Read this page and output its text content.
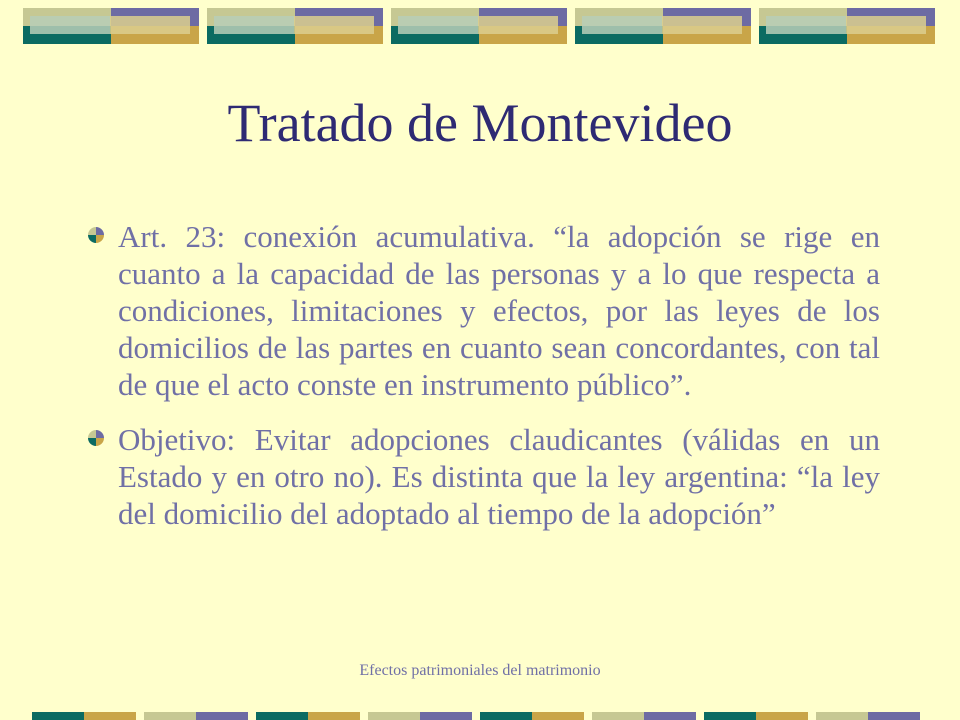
Tratado de Montevideo
Art. 23: conexión acumulativa. “la adopción se rige en cuanto a la capacidad de las personas y a lo que respecta a condiciones, limitaciones y efectos, por las leyes de los domicilios de las partes en cuanto sean concordantes, con tal de que el acto conste en instrumento público”.
Objetivo: Evitar adopciones claudicantes (válidas en un Estado y en otro no). Es distinta que la ley argentina: “la ley del domicilio del adoptado al tiempo de la adopción”
Efectos patrimoniales del matrimonio
